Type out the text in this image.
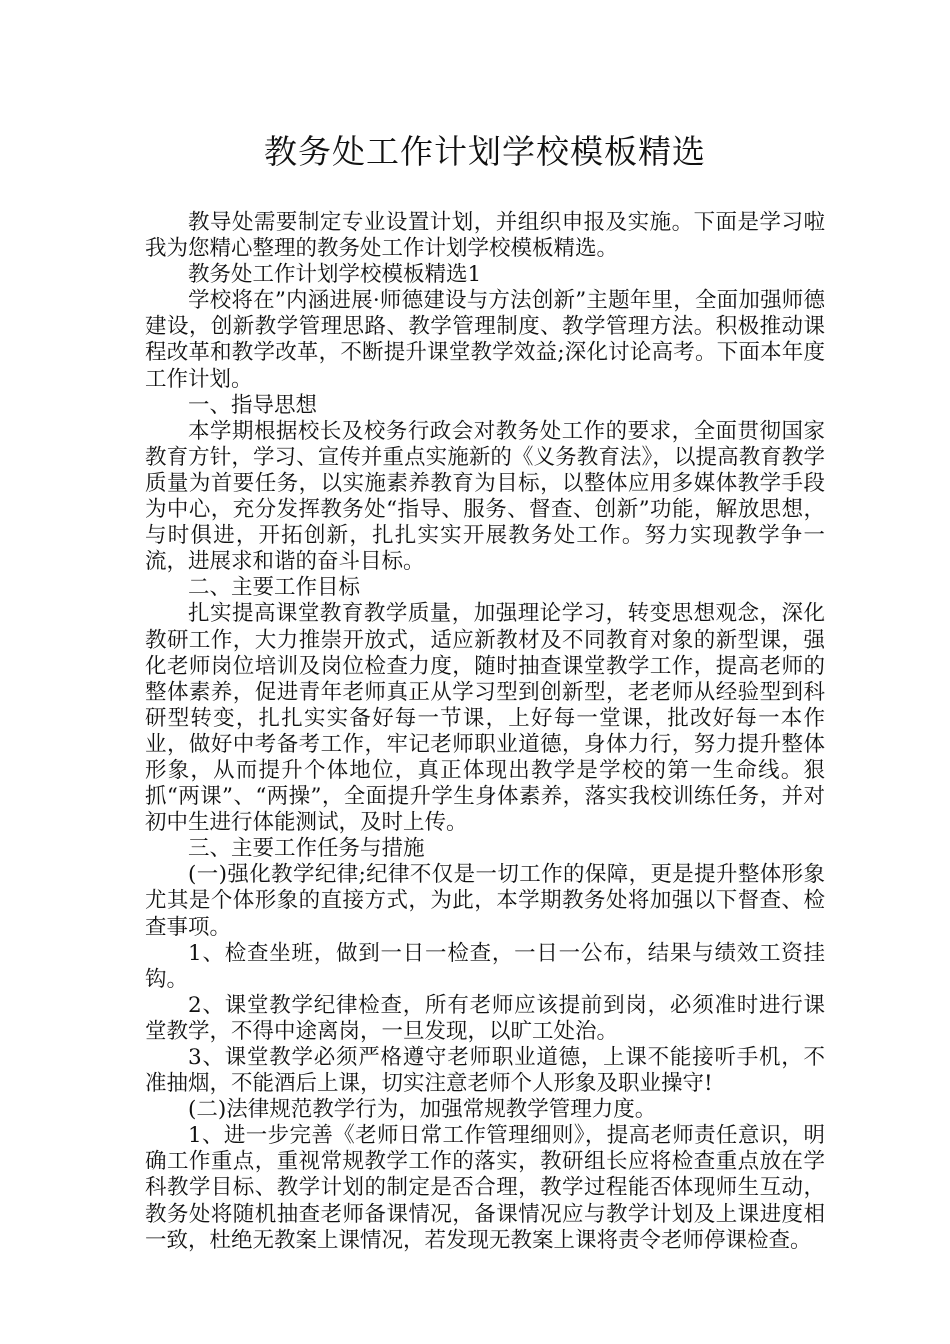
教务处工作计划学校模板精选

教导处需要制定专业设置计划，并组织申报及实施。下面是学习啦我为您精心整理的教务处工作计划学校模板精选。

教务处工作计划学校模板精选1

学校将在”内涵进展·师德建设与方法创新”主题年里，全面加强师德建设，创新教学管理思路、教学管理制度、教学管理方法。积极推动课程改革和教学改革，不断提升课堂教学效益;深化讨论高考。下面本年度工作计划。

一、指导思想

本学期根据校长及校务行政会对教务处工作的要求，全面贯彻国家教育方针，学习、宣传并重点实施新的《义务教育法》，以提高教育教学质量为首要任务，以实施素养教育为目标，以整体应用多媒体教学手段为中心，充分发挥教务处“指导、服务、督查、创新”功能，解放思想，与时俱进，开拓创新，扎扎实实开展教务处工作。努力实现教学争一流，进展求和谐的奋斗目标。

二、主要工作目标

扎实提高课堂教育教学质量，加强理论学习，转变思想观念，深化教研工作，大力推崇开放式，适应新教材及不同教育对象的新型课，强化老师岗位培训及岗位检查力度，随时抽查课堂教学工作，提高老师的整体素养，促进青年老师真正从学习型到创新型，老老师从经验型到科研型转变，扎扎实实备好每一节课，上好每一堂课，批改好每一本作业，做好中考备考工作，牢记老师职业道德，身体力行，努力提升整体形象，从而提升个体地位，真正体现出教学是学校的第一生命线。狠抓“两课”、“两操”，全面提升学生身体素养，落实我校训练任务，并对初中生进行体能测试，及时上传。

三、主要工作任务与措施

(一)强化教学纪律;纪律不仅是一切工作的保障，更是提升整体形象尤其是个体形象的直接方式，为此，本学期教务处将加强以下督查、检查事项。

1、检查坐班，做到一日一检查，一日一公布，结果与绩效工资挂钩。

2、课堂教学纪律检查，所有老师应该提前到岗，必须准时进行课堂教学，不得中途离岗，一旦发现，以旷工处治。

3、课堂教学必须严格遵守老师职业道德，上课不能接听手机，不准抽烟，不能酒后上课，切实注意老师个人形象及职业操守!

(二)法律规范教学行为，加强常规教学管理力度。

1、进一步完善《老师日常工作管理细则》，提高老师责任意识，明确工作重点，重视常规教学工作的落实，教研组长应将检查重点放在学科教学目标、教学计划的制定是否合理，教学过程能否体现师生互动，教务处将随机抽查老师备课情况，备课情况应与教学计划及上课进度相一致，杜绝无教案上课情况，若发现无教案上课将责令老师停课检查。
